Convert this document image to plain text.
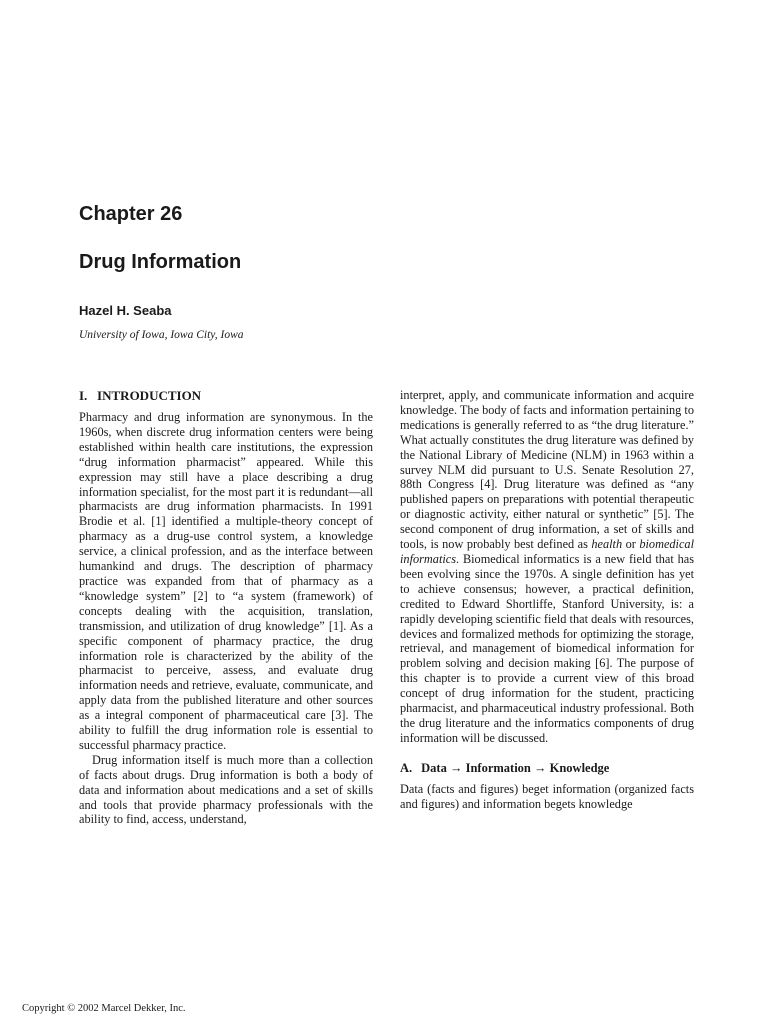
Chapter 26
Drug Information

Hazel H. Seaba

University of Iowa, Iowa City, Iowa

I.   INTRODUCTION

Pharmacy and drug information are synonymous. In the 1960s, when discrete drug information centers were being established within health care institutions, the expression “drug information pharmacist” appeared. While this expression may still have a place describing a drug information specialist, for the most part it is redundant—all pharmacists are drug information pharmacists. In 1991 Brodie et al. [1] identified a multiple-theory concept of pharmacy as a drug-use control system, a knowledge service, a clinical profession, and as the interface between humankind and drugs. The description of pharmacy practice was expanded from that of pharmacy as a “knowledge system” [2] to “a system (framework) of concepts dealing with the acquisition, translation, transmission, and utilization of drug knowledge” [1]. As a specific component of pharmacy practice, the drug information role is characterized by the ability of the pharmacist to perceive, assess, and evaluate drug information needs and retrieve, evaluate, communicate, and apply data from the published literature and other sources as a integral component of pharmaceutical care [3]. The ability to fulfill the drug information role is essential to successful pharmacy practice.

Drug information itself is much more than a collection of facts about drugs. Drug information is both a body of data and information about medications and a set of skills and tools that provide pharmacy professionals with the ability to find, access, understand,

interpret, apply, and communicate information and acquire knowledge. The body of facts and information pertaining to medications is generally referred to as “the drug literature.” What actually constitutes the drug literature was defined by the National Library of Medicine (NLM) in 1963 within a survey NLM did pursuant to U.S. Senate Resolution 27, 88th Congress [4]. Drug literature was defined as “any published papers on preparations with potential therapeutic or diagnostic activity, either natural or synthetic” [5]. The second component of drug information, a set of skills and tools, is now probably best defined as health or biomedical informatics. Biomedical informatics is a new field that has been evolving since the 1970s. A single definition has yet to achieve consensus; however, a practical definition, credited to Edward Shortliffe, Stanford University, is: a rapidly developing scientific field that deals with resources, devices and formalized methods for optimizing the storage, retrieval, and management of biomedical information for problem solving and decision making [6]. The purpose of this chapter is to provide a current view of this broad concept of drug information for the student, practicing pharmacist, and pharmaceutical industry professional. Both the drug literature and the informatics components of drug information will be discussed.

A. Data → Information → Knowledge

Data (facts and figures) beget information (organized facts and figures) and information begets knowledge

Copyright © 2002 Marcel Dekker, Inc.
